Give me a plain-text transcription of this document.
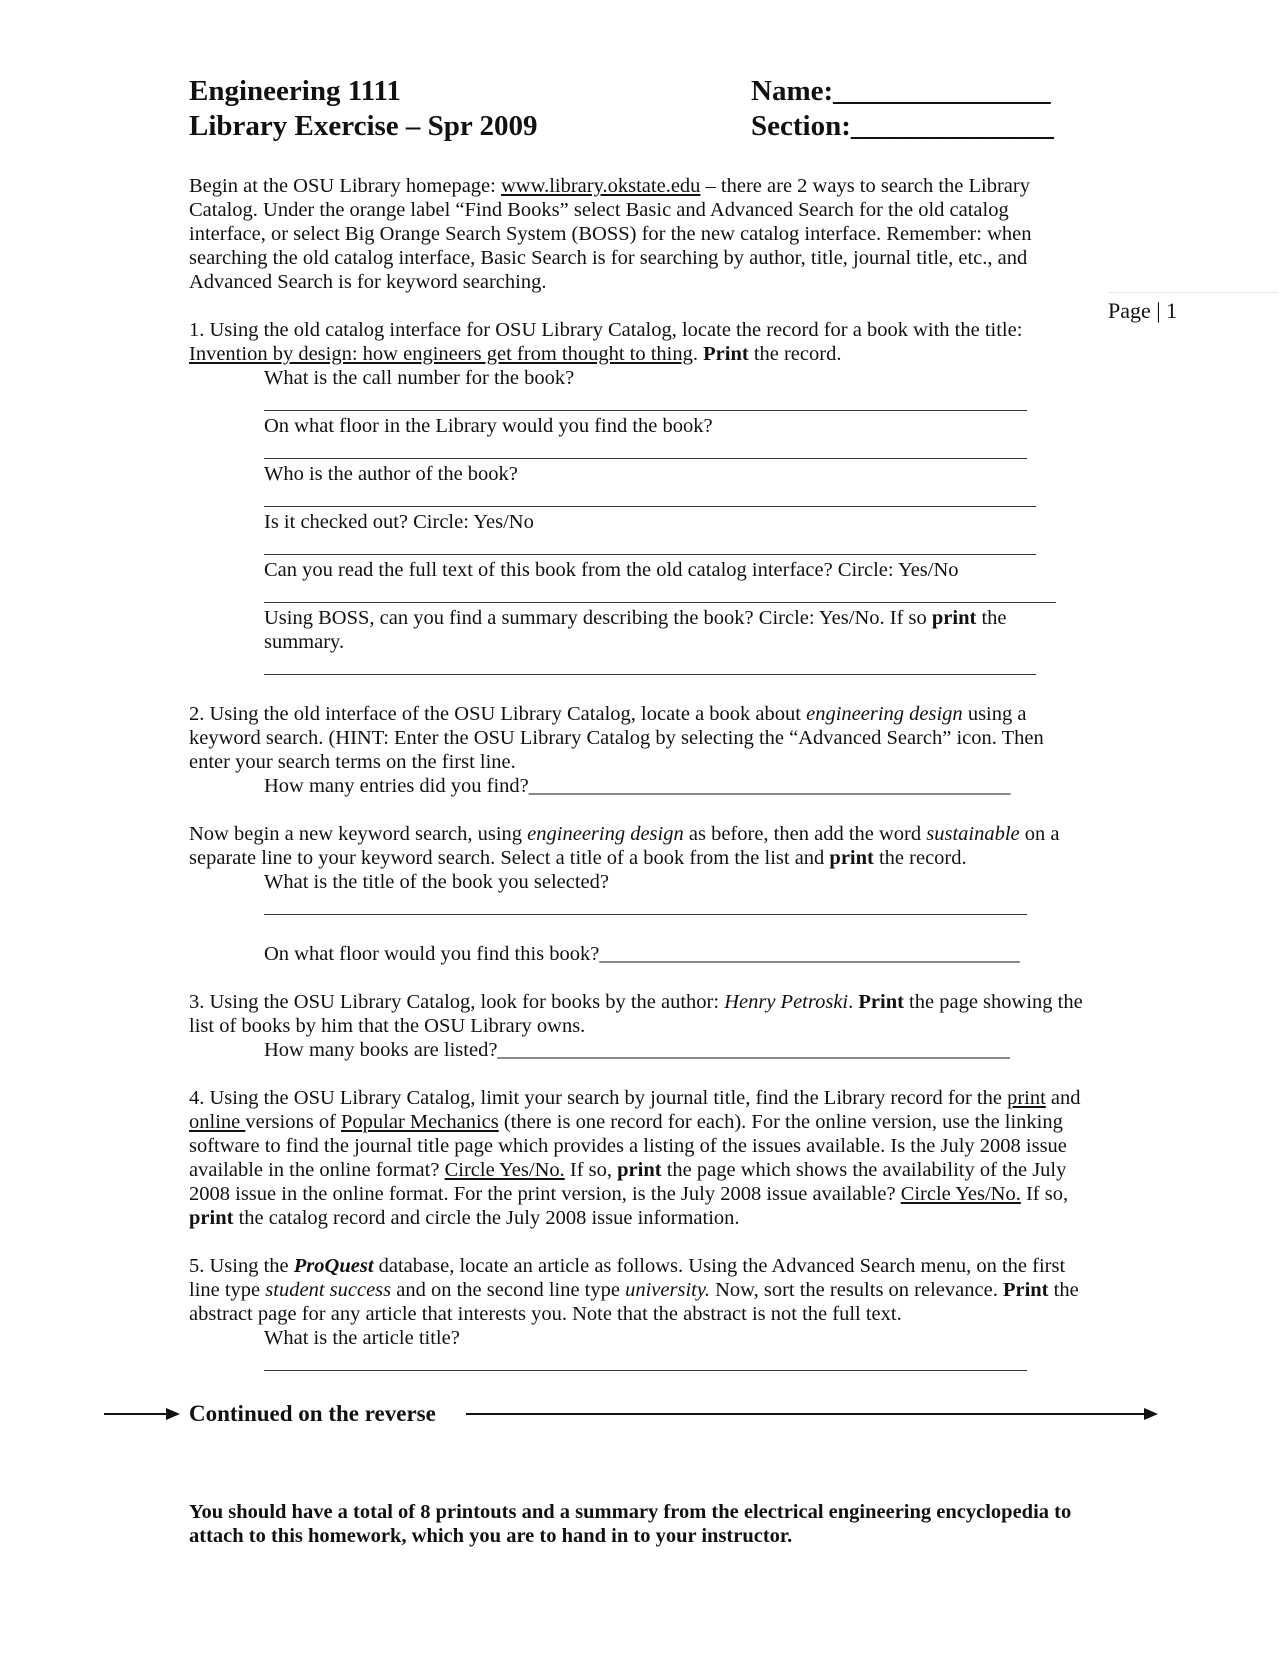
Engineering 1111
Library Exercise – Spr 2009
Name:_______________
Section:______________
Page | 1
Begin at the OSU Library homepage: www.library.okstate.edu – there are 2 ways to search the Library Catalog. Under the orange label “Find Books” select Basic and Advanced Search for the old catalog interface, or select Big Orange Search System (BOSS) for the new catalog interface. Remember: when searching the old catalog interface, Basic Search is for searching by author, title, journal title, etc., and Advanced Search is for keyword searching.
1. Using the old catalog interface for OSU Library Catalog, locate the record for a book with the title: Invention by design: how engineers get from thought to thing. Print the record.
What is the call number for the book?
On what floor in the Library would you find the book?
Who is the author of the book?
Is it checked out? Circle: Yes/No
Can you read the full text of this book from the old catalog interface? Circle: Yes/No
Using BOSS, can you find a summary describing the book? Circle: Yes/No. If so print the summary.
2. Using the old interface of the OSU Library Catalog, locate a book about engineering design using a keyword search. (HINT: Enter the OSU Library Catalog by selecting the “Advanced Search” icon. Then enter your search terms on the first line.
How many entries did you find?_______________________________________________
Now begin a new keyword search, using engineering design as before, then add the word sustainable on a separate line to your keyword search. Select a title of a book from the list and print the record.
What is the title of the book you selected?
On what floor would you find this book?_________________________________________
3. Using the OSU Library Catalog, look for books by the author: Henry Petroski. Print the page showing the list of books by him that the OSU Library owns.
How many books are listed?__________________________________________________
4. Using the OSU Library Catalog, limit your search by journal title, find the Library record for the print and online versions of Popular Mechanics (there is one record for each). For the online version, use the linking software to find the journal title page which provides a listing of the issues available. Is the July 2008 issue available in the online format? Circle Yes/No. If so, print the page which shows the availability of the July 2008 issue in the online format. For the print version, is the July 2008 issue available? Circle Yes/No. If so, print the catalog record and circle the July 2008 issue information.
5. Using the ProQuest database, locate an article as follows. Using the Advanced Search menu, on the first line type student success and on the second line type university. Now, sort the results on relevance. Print the abstract page for any article that interests you. Note that the abstract is not the full text.
What is the article title?
Continued on the reverse
You should have a total of 8 printouts and a summary from the electrical engineering encyclopedia to attach to this homework, which you are to hand in to your instructor.
